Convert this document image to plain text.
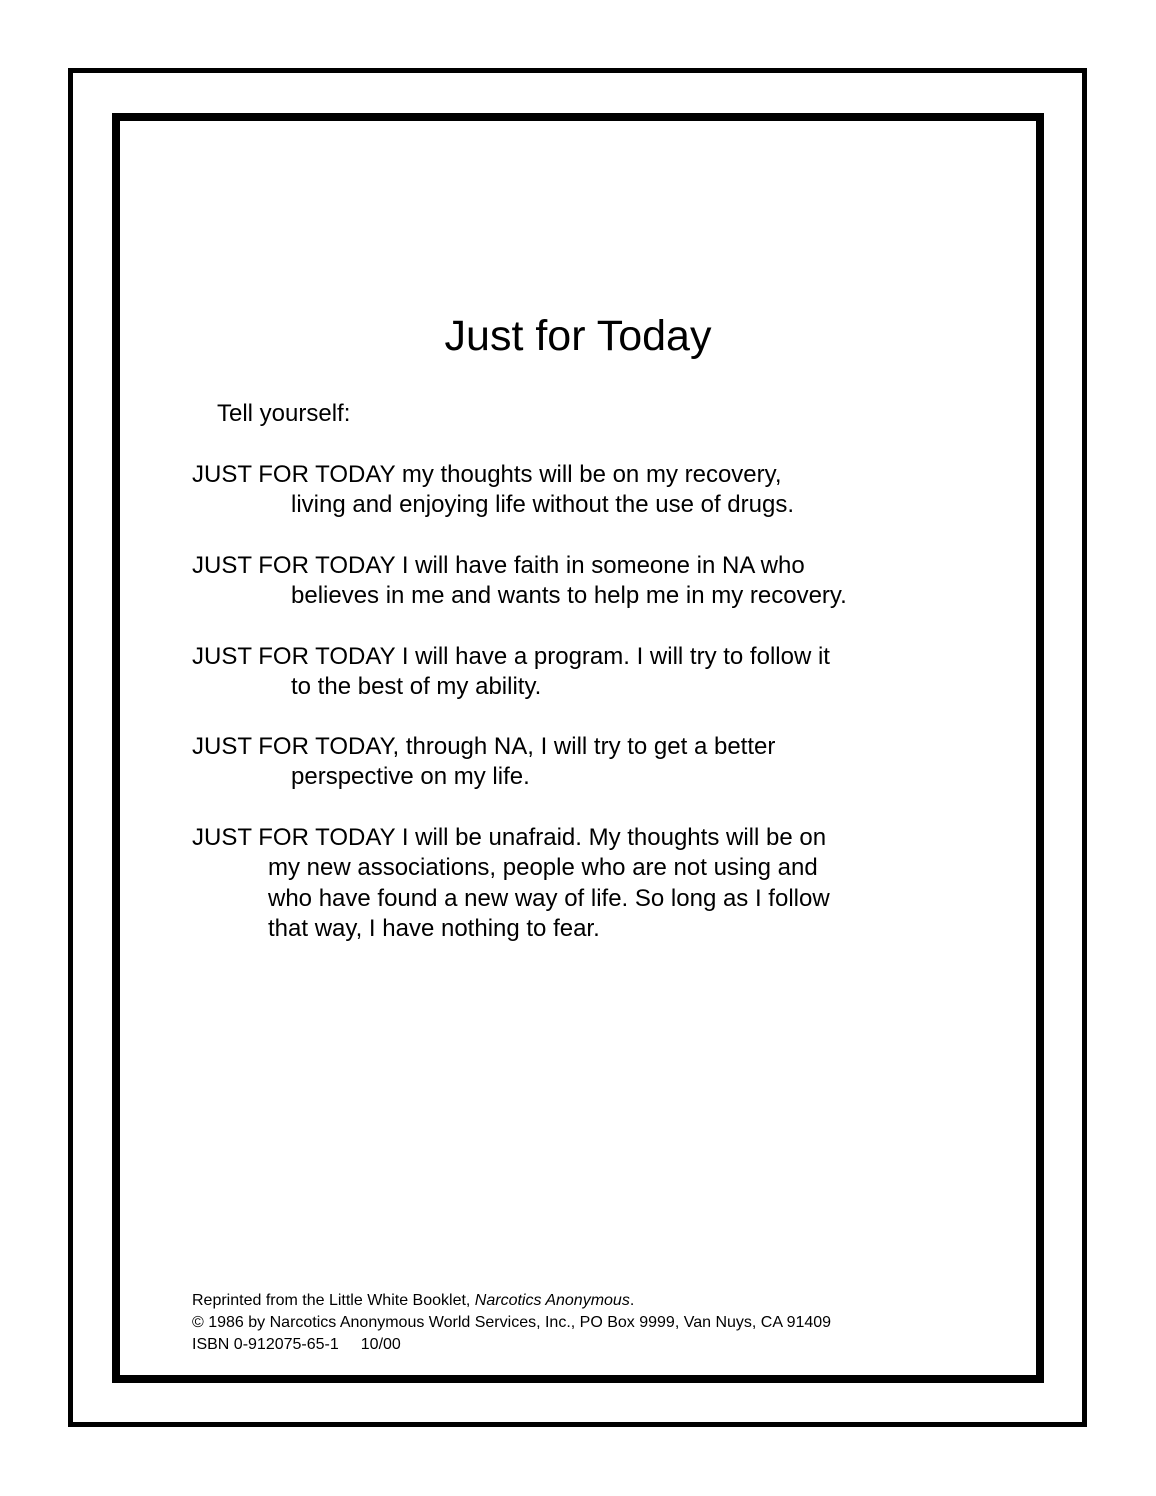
Just for Today

Tell yourself:

JUST FOR TODAY my thoughts will be on my recovery,
living and enjoying life without the use of drugs.

JUST FOR TODAY I will have faith in someone in NA who
believes in me and wants to help me in my recovery.

JUST FOR TODAY I will have a program. I will try to follow it
to the best of my ability.

JUST FOR TODAY, through NA, I will try to get a better
perspective on my life.

JUST FOR TODAY I will be unafraid. My thoughts will be on
my new associations, people who are not using and
who have found a new way of life. So long as I follow
that way, I have nothing to fear.

Reprinted from the Little White Booklet, Narcotics Anonymous.
© 1986 by Narcotics Anonymous World Services, Inc., PO Box 9999, Van Nuys, CA 91409
ISBN 0-912075-65-1 10/00
